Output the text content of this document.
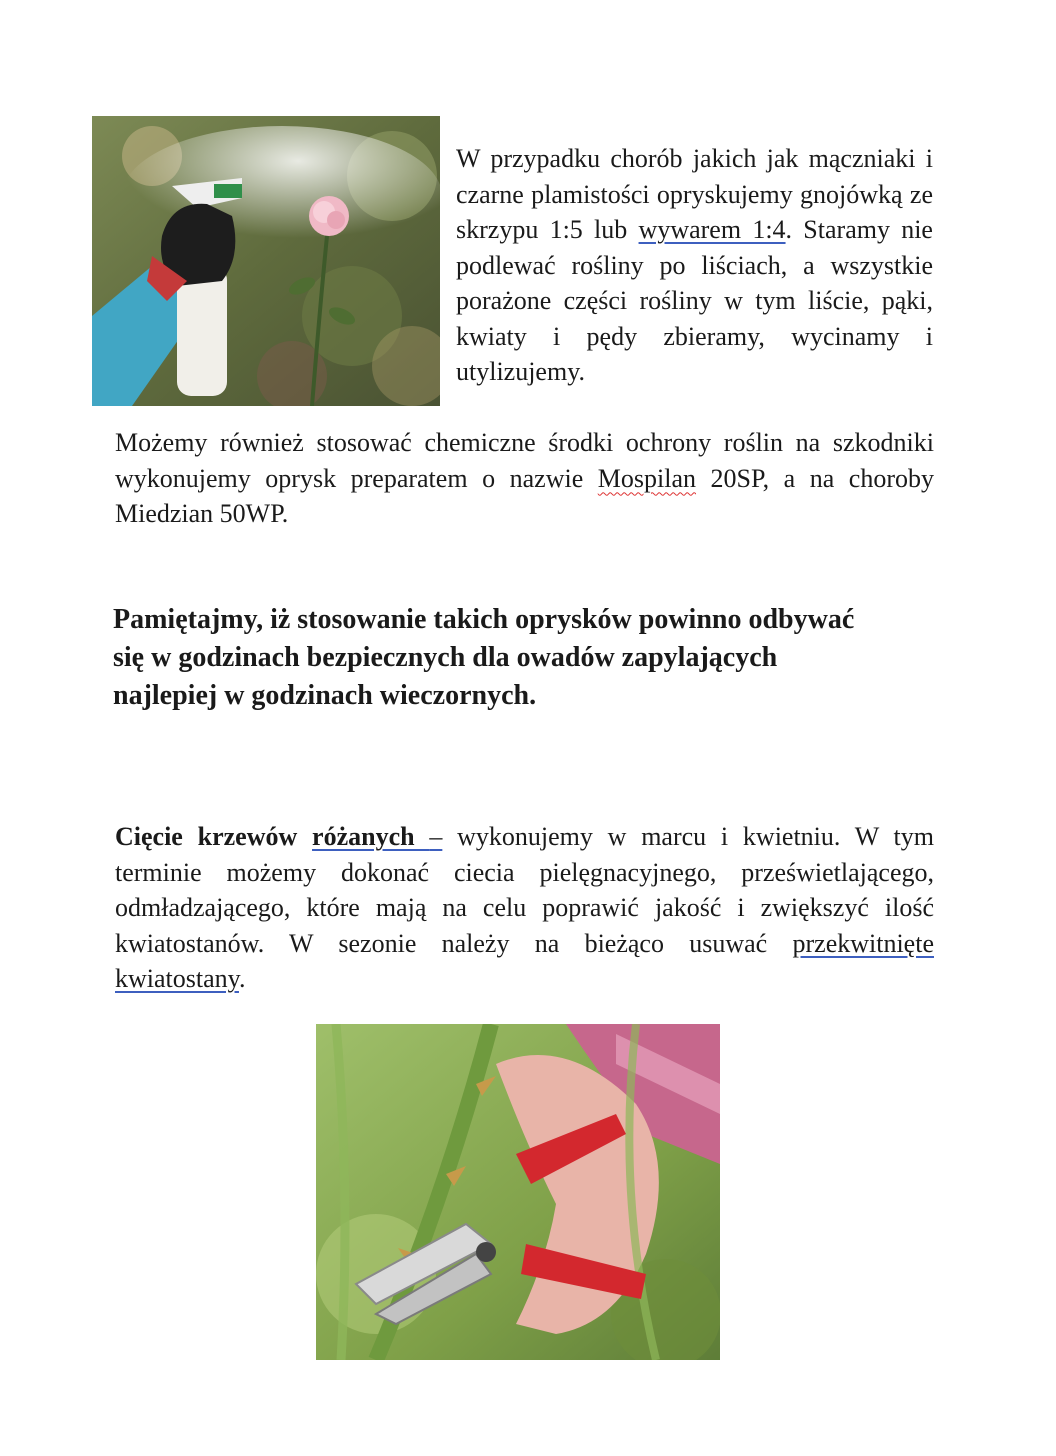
W przypadku chorób jakich jak mączniaki i czarne plamistości opryskujemy gnojówką ze skrzypu 1:5 lub wywarem 1:4. Staramy nie podlewać rośliny po liściach, a wszystkie porażone części rośliny w tym liście, pąki, kwiaty i pędy zbieramy, wycinamy i utylizujemy.

Możemy również stosować chemiczne środki ochrony roślin na szkodniki wykonujemy oprysk preparatem o nazwie Mospilan 20SP, a na choroby Miedzian 50WP.

Pamiętajmy, iż stosowanie takich oprysków powinno odbywać się w godzinach bezpiecznych dla owadów zapylających najlepiej w godzinach wieczornych.

Cięcie krzewów różanych – wykonujemy w marcu i kwietniu. W tym terminie możemy dokonać ciecia pielęgnacyjnego, prześwietlającego, odmładzającego, które mają na celu poprawić jakość i zwiększyć ilość kwiatostanów. W sezonie należy na bieżąco usuwać przekwitnięte kwiatostany.
